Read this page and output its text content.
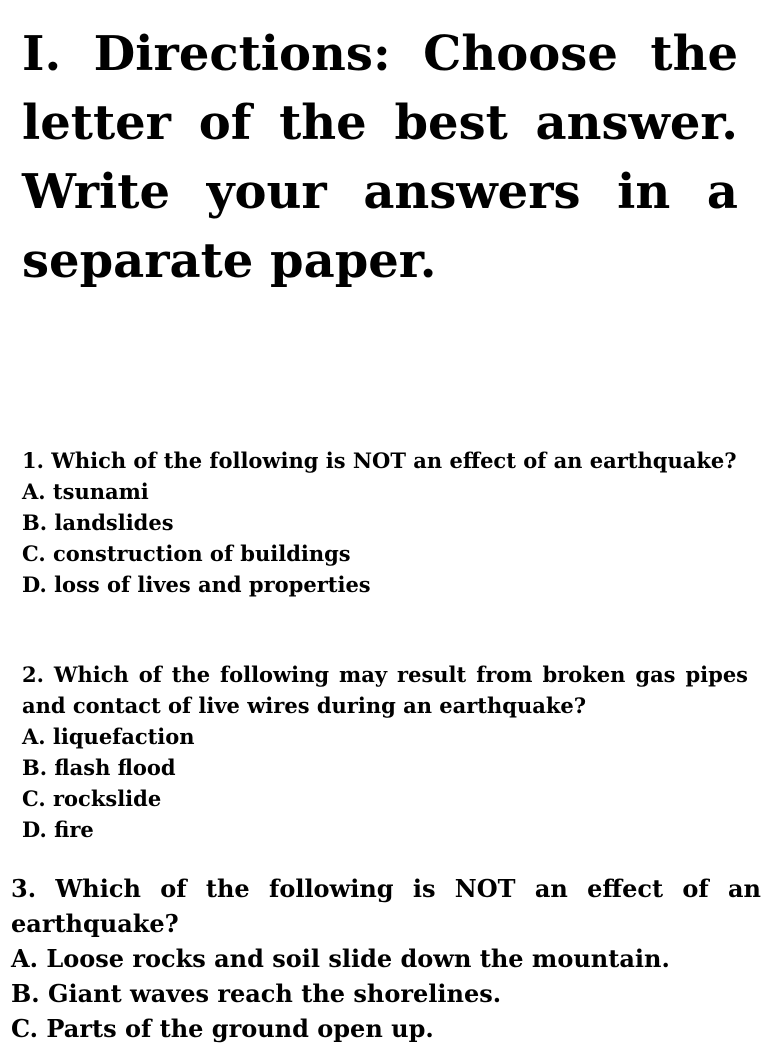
I. Directions: Choose the letter of the best answer. Write your answers in a separate paper.
1. Which of the following is NOT an effect of an earthquake?
A. tsunami
B. landslides
C. construction of buildings
D. loss of lives and properties
2. Which of the following may result from broken gas pipes and contact of live wires during an earthquake?
A. liquefaction
B. flash flood
C. rockslide
D. fire
3. Which of the following is NOT an effect of an earthquake?
A. Loose rocks and soil slide down the mountain.
B. Giant waves reach the shorelines.
C. Parts of the ground open up.
